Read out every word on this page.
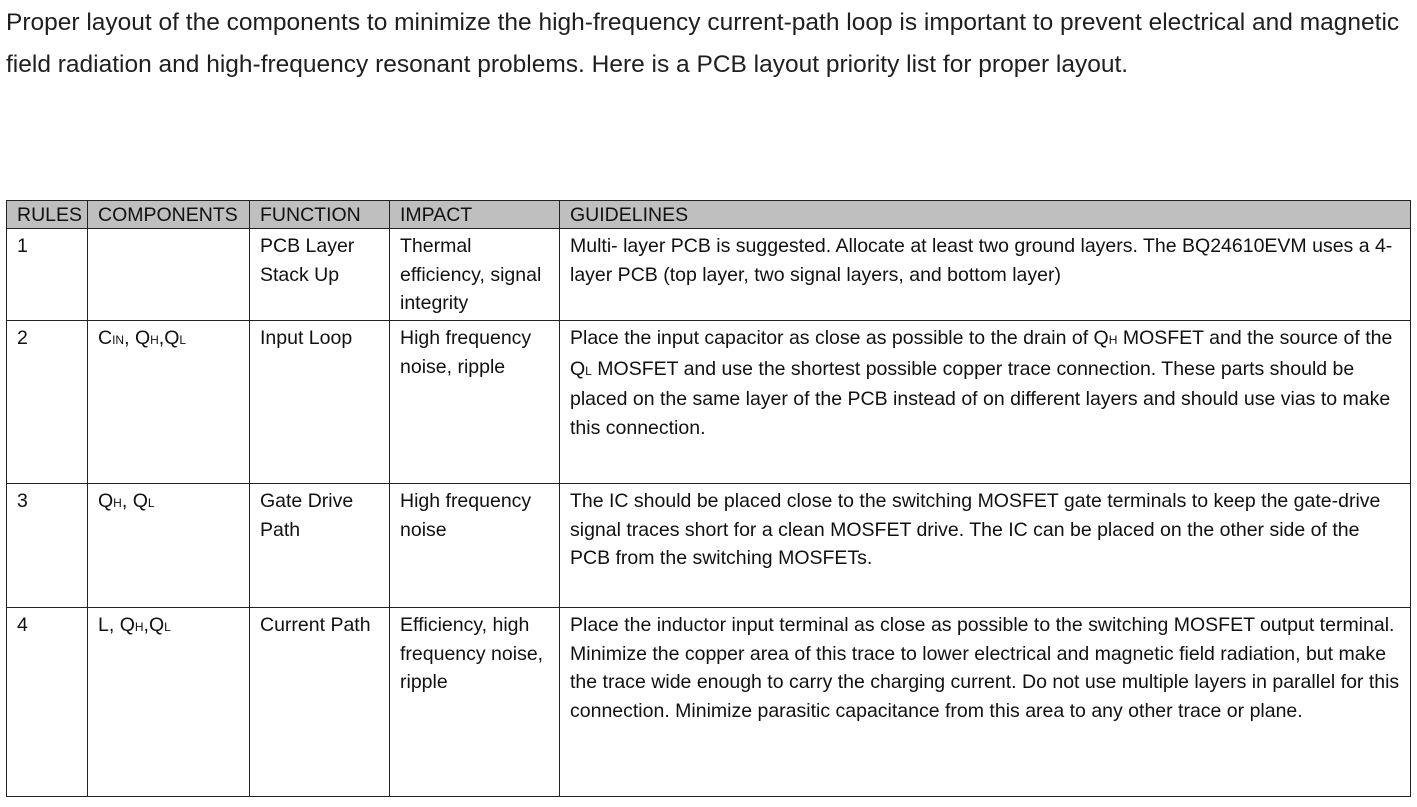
Proper layout of the components to minimize the high-frequency current-path loop is important to prevent electrical and magnetic field radiation and high-frequency resonant problems. Here is a PCB layout priority list for proper layout.

RULES	COMPONENTS	FUNCTION	IMPACT	GUIDELINES
1		PCB Layer Stack Up	Thermal efficiency, signal integrity	Multi- layer PCB is suggested. Allocate at least two ground layers. The BQ24610EVM uses a 4-layer PCB (top layer, two signal layers, and bottom layer)
2	CIN, QH,QL	Input Loop	High frequency noise, ripple	Place the input capacitor as close as possible to the drain of QH MOSFET and the source of the QL MOSFET and use the shortest possible copper trace connection. These parts should be placed on the same layer of the PCB instead of on different layers and should use vias to make this connection.
3	QH, QL	Gate Drive Path	High frequency noise	The IC should be placed close to the switching MOSFET gate terminals to keep the gate-drive signal traces short for a clean MOSFET drive. The IC can be placed on the other side of the PCB from the switching MOSFETs.
4	L, QH,QL	Current Path	Efficiency, high frequency noise, ripple	Place the inductor input terminal as close as possible to the switching MOSFET output terminal. Minimize the copper area of this trace to lower electrical and magnetic field radiation, but make the trace wide enough to carry the charging current. Do not use multiple layers in parallel for this connection. Minimize parasitic capacitance from this area to any other trace or plane.
